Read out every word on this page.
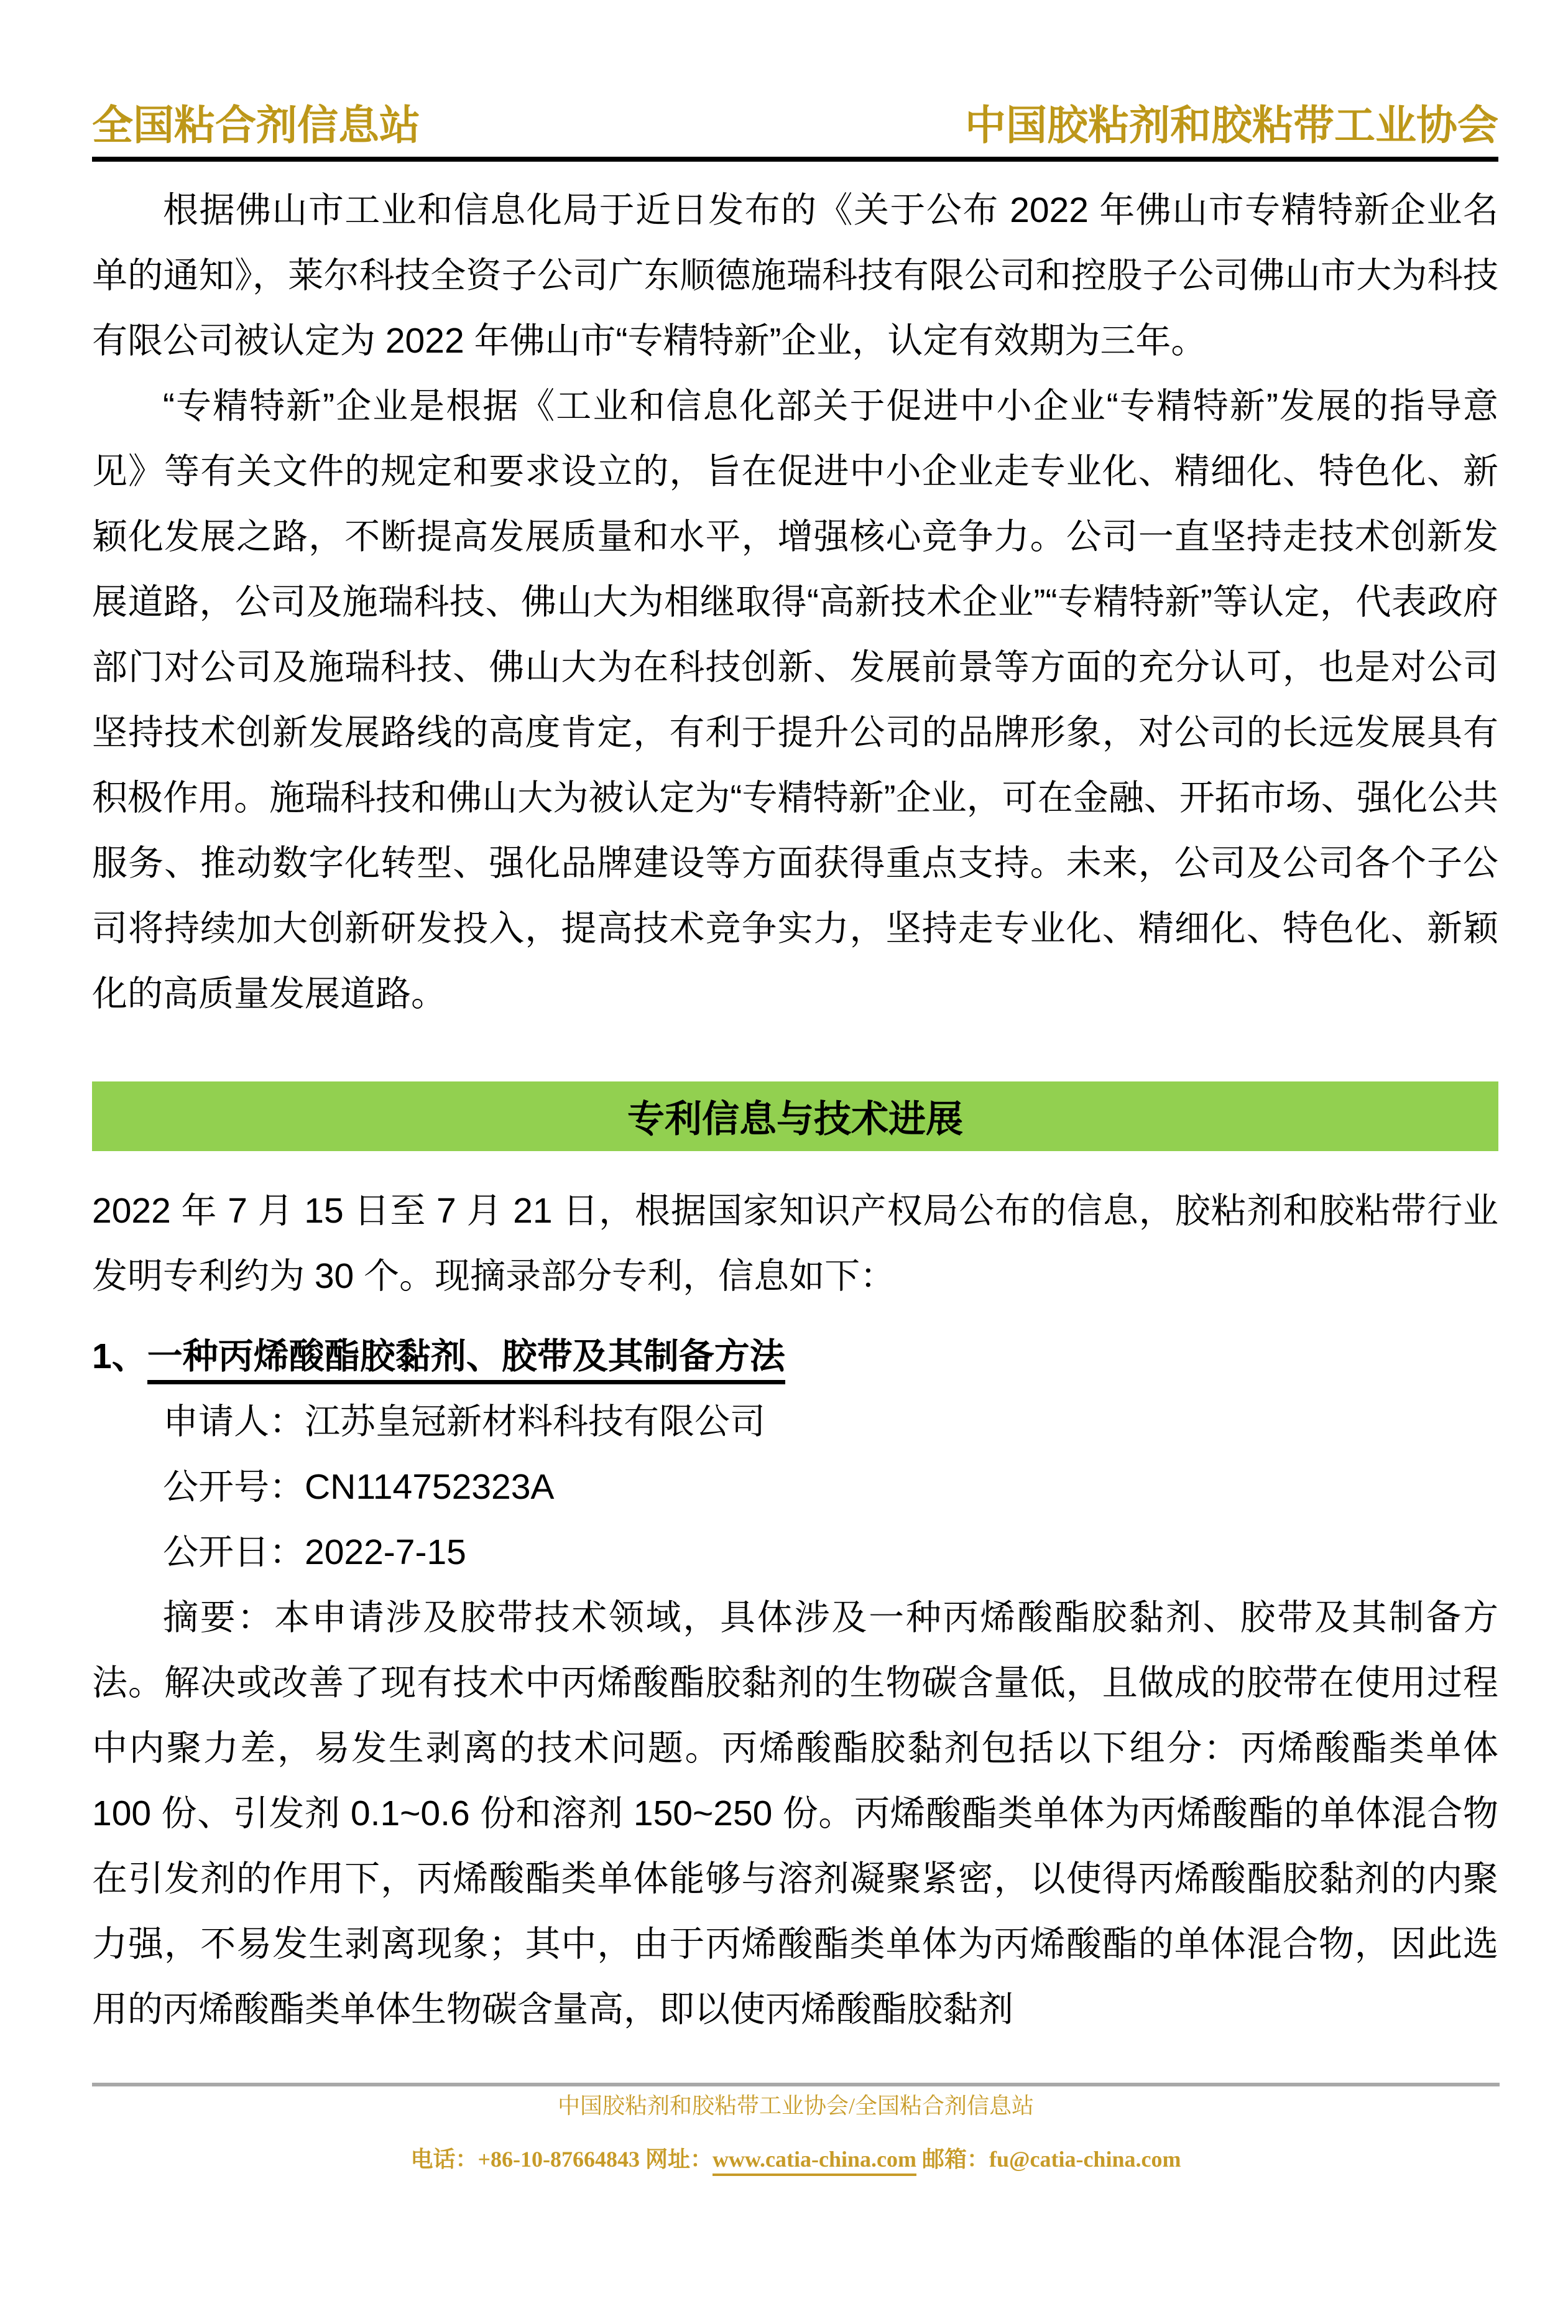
全国粘合剂信息站	中国胶粘剂和胶粘带工业协会

根据佛山市工业和信息化局于近日发布的《关于公布 2022 年佛山市专精特新企业名单的通知》，莱尔科技全资子公司广东顺德施瑞科技有限公司和控股子公司佛山市大为科技有限公司被认定为 2022 年佛山市“专精特新”企业，认定有效期为三年。

“专精特新”企业是根据《工业和信息化部关于促进中小企业“专精特新”发展的指导意见》等有关文件的规定和要求设立的，旨在促进中小企业走专业化、精细化、特色化、新颖化发展之路，不断提高发展质量和水平，增强核心竞争力。公司一直坚持走技术创新发展道路，公司及施瑞科技、佛山大为相继取得“高新技术企业”“专精特新”等认定，代表政府部门对公司及施瑞科技、佛山大为在科技创新、发展前景等方面的充分认可，也是对公司坚持技术创新发展路线的高度肯定，有利于提升公司的品牌形象，对公司的长远发展具有积极作用。施瑞科技和佛山大为被认定为“专精特新”企业，可在金融、开拓市场、强化公共服务、推动数字化转型、强化品牌建设等方面获得重点支持。未来，公司及公司各个子公司将持续加大创新研发投入，提高技术竞争实力，坚持走专业化、精细化、特色化、新颖化的高质量发展道路。

专利信息与技术进展

2022 年 7 月 15 日至 7 月 21 日，根据国家知识产权局公布的信息，胶粘剂和胶粘带行业发明专利约为 30 个。现摘录部分专利，信息如下：

1、一种丙烯酸酯胶黏剂、胶带及其制备方法

申请人：江苏皇冠新材料科技有限公司

公开号：CN114752323A

公开日：2022-7-15

摘要：本申请涉及胶带技术领域，具体涉及一种丙烯酸酯胶黏剂、胶带及其制备方法。解决或改善了现有技术中丙烯酸酯胶黏剂的生物碳含量低，且做成的胶带在使用过程中内聚力差，易发生剥离的技术问题。丙烯酸酯胶黏剂包括以下组分：丙烯酸酯类单体 100 份、引发剂 0.1~0.6 份和溶剂 150~250 份。丙烯酸酯类单体为丙烯酸酯的单体混合物在引发剂的作用下，丙烯酸酯类单体能够与溶剂凝聚紧密，以使得丙烯酸酯胶黏剂的内聚力强，不易发生剥离现象；其中，由于丙烯酸酯类单体为丙烯酸酯的单体混合物，因此选用的丙烯酸酯类单体生物碳含量高，即以使丙烯酸酯胶黏剂

中国胶粘剂和胶粘带工业协会/全国粘合剂信息站
电话：+86-10-87664843 网址：www.catia-china.com 邮箱：fu@catia-china.com
